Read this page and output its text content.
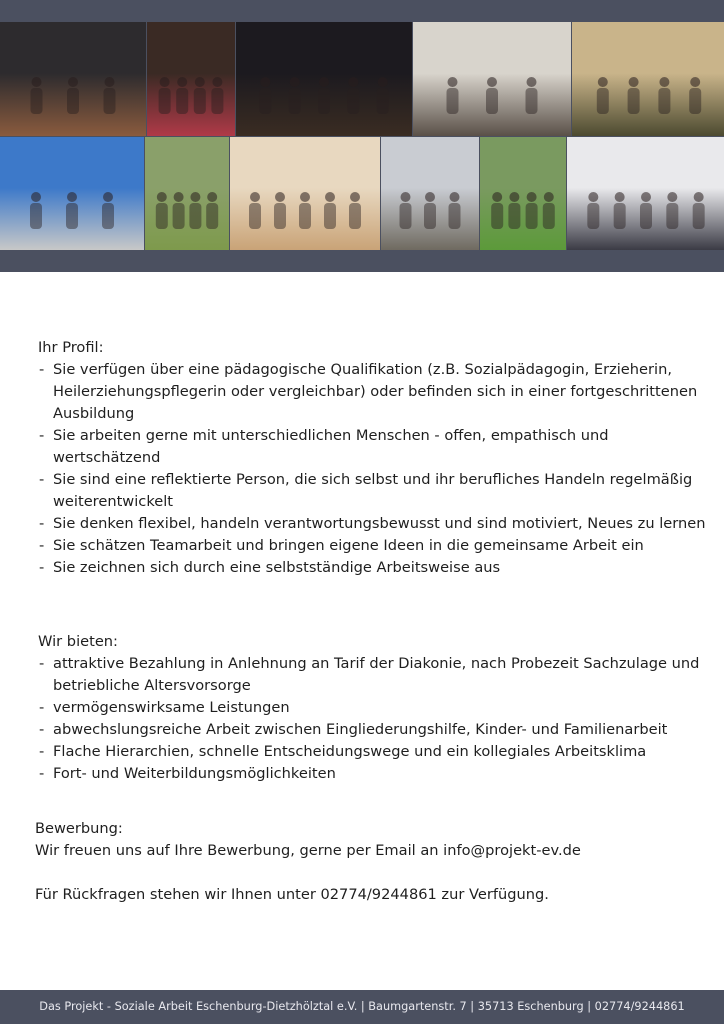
Ihr Profil:
- Sie verfügen über eine pädagogische Qualifikation (z.B. Sozialpädagogin, Erzieherin, Heilerziehungspflegerin oder vergleichbar) oder befinden sich in einer fortgeschrittenen Ausbildung
- Sie arbeiten gerne mit unterschiedlichen Menschen - offen, empathisch und wertschätzend
- Sie sind eine reflektierte Person, die sich selbst und ihr berufliches Handeln regelmäßig weiterentwickelt
- Sie denken flexibel, handeln verantwortungsbewusst und sind motiviert, Neues zu lernen
- Sie schätzen Teamarbeit und bringen eigene Ideen in die gemeinsame Arbeit ein
- Sie zeichnen sich durch eine selbstständige Arbeitsweise aus
Wir bieten:
- attraktive Bezahlung in Anlehnung an Tarif der Diakonie, nach Probezeit Sachzulage und betriebliche Altersvorsorge
- vermögenswirksame Leistungen
- abwechslungsreiche Arbeit zwischen Eingliederungshilfe, Kinder- und Familienarbeit
- Flache Hierarchien, schnelle Entscheidungswege und ein kollegiales Arbeitsklima
- Fort- und Weiterbildungsmöglichkeiten

Bewerbung:

Wir freuen uns auf Ihre Bewerbung, gerne per Email an info@projekt-ev.de

Für Rückfragen stehen wir Ihnen unter 02774/9244861 zur Verfügung.
Das Projekt - Soziale Arbeit Eschenburg-Dietzhölztal e.V. | Baumgartenstr. 7 | 35713 Eschenburg | 02774/9244861
